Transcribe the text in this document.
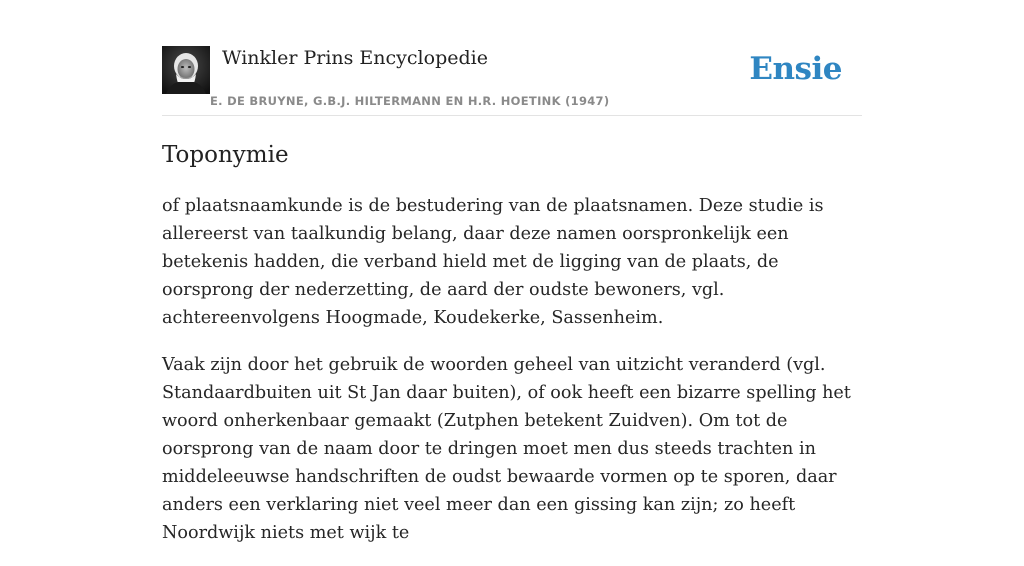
Winkler Prins Encyclopedie
E. DE BRUYNE, G.B.J. HILTERMANN EN H.R. HOETINK (1947)
Ensie
Toponymie

of plaatsnaamkunde is de bestudering van de plaatsnamen. Deze studie is allereerst van taalkundig belang, daar deze namen oorspronkelijk een betekenis hadden, die verband hield met de ligging van de plaats, de oorsprong der nederzetting, de aard der oudste bewoners, vgl. achtereenvolgens Hoogmade, Koudekerke, Sassenheim.

Vaak zijn door het gebruik de woorden geheel van uitzicht veranderd (vgl. Standaardbuiten uit St Jan daar buiten), of ook heeft een bizarre spelling het woord onherkenbaar gemaakt (Zutphen betekent Zuidven). Om tot de oorsprong van de naam door te dringen moet men dus steeds trachten in middeleeuwse handschriften de oudst bewaarde vormen op te sporen, daar anders een verklaring niet veel meer dan een gissing kan zijn; zo heeft Noordwijk niets met wijk te
